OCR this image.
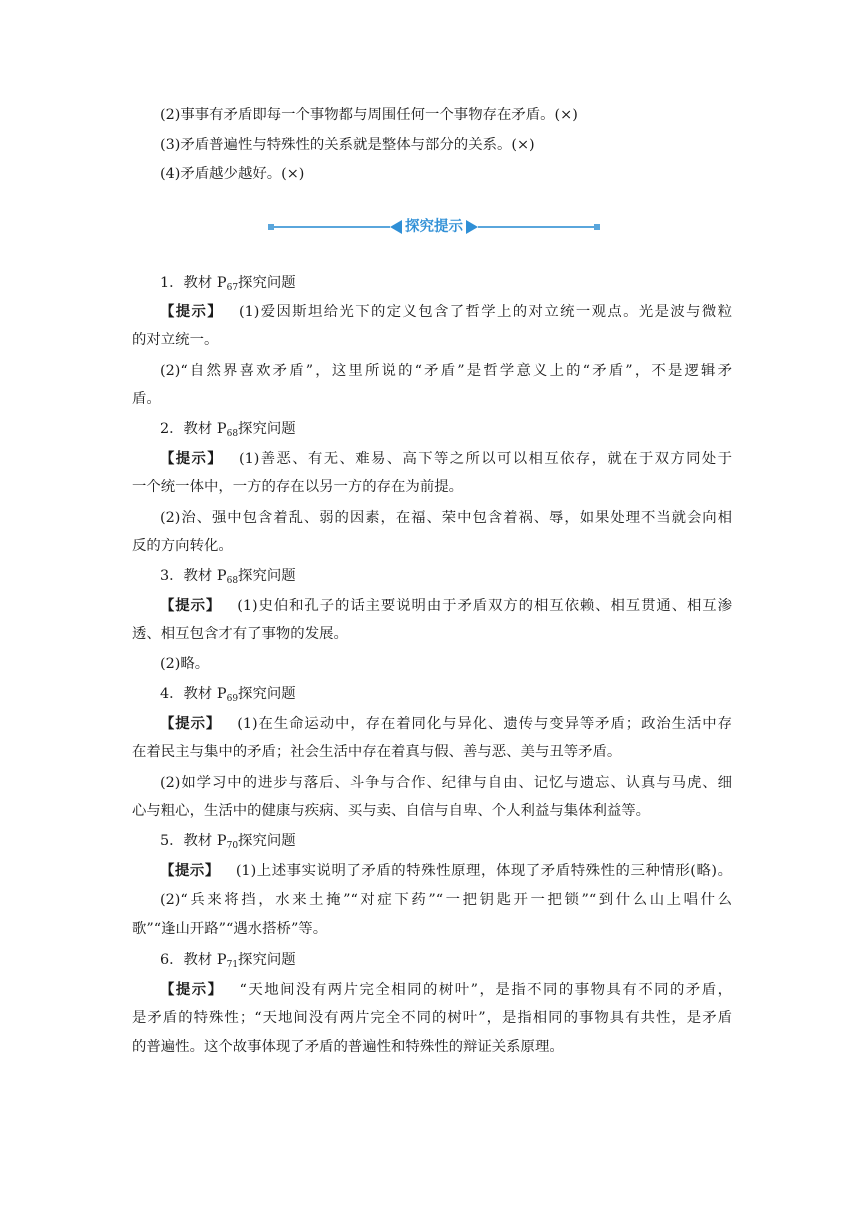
(2)事事有矛盾即每一个事物都与周围任何一个事物存在矛盾。(×)
(3)矛盾普遍性与特殊性的关系就是整体与部分的关系。(×)
(4)矛盾越少越好。(×)
探究提示
1．教材 $P_{67}$探究问题
【提示】 (1)爱因斯坦给光下的定义包含了哲学上的对立统一观点。光是波与微粒
的对立统一。
(2)“自然界喜欢矛盾”，这里所说的“矛盾”是哲学意义上的“矛盾”，不是逻辑矛
盾。
2．教材 $P_{68}$探究问题
【提示】 (1)善恶、有无、难易、高下等之所以可以相互依存，就在于双方同处于
一个统一体中，一方的存在以另一方的存在为前提。
(2)治、强中包含着乱、弱的因素，在福、荣中包含着祸、辱，如果处理不当就会向相
反的方向转化。
3．教材 $P_{68}$探究问题
【提示】 (1)史伯和孔子的话主要说明由于矛盾双方的相互依赖、相互贯通、相互渗
透、相互包含才有了事物的发展。
(2)略。
4．教材 $P_{69}$探究问题
【提示】 (1)在生命运动中，存在着同化与异化、遗传与变异等矛盾；政治生活中存
在着民主与集中的矛盾；社会生活中存在着真与假、善与恶、美与丑等矛盾。
(2)如学习中的进步与落后、斗争与合作、纪律与自由、记忆与遗忘、认真与马虎、细
心与粗心，生活中的健康与疾病、买与卖、自信与自卑、个人利益与集体利益等。
5．教材 $P_{70}$探究问题
【提示】 (1)上述事实说明了矛盾的特殊性原理，体现了矛盾特殊性的三种情形(略)。
(2)“兵来将挡，水来土掩”“对症下药”“一把钥匙开一把锁”“到什么山上唱什么
歌”“逢山开路”“遇水搭桥”等。
6．教材 $P_{71}$探究问题
【提示】 “天地间没有两片完全相同的树叶”，是指不同的事物具有不同的矛盾，
是矛盾的特殊性；“天地间没有两片完全不同的树叶”，是指相同的事物具有共性，是矛盾
的普遍性。这个故事体现了矛盾的普遍性和特殊性的辩证关系原理。
